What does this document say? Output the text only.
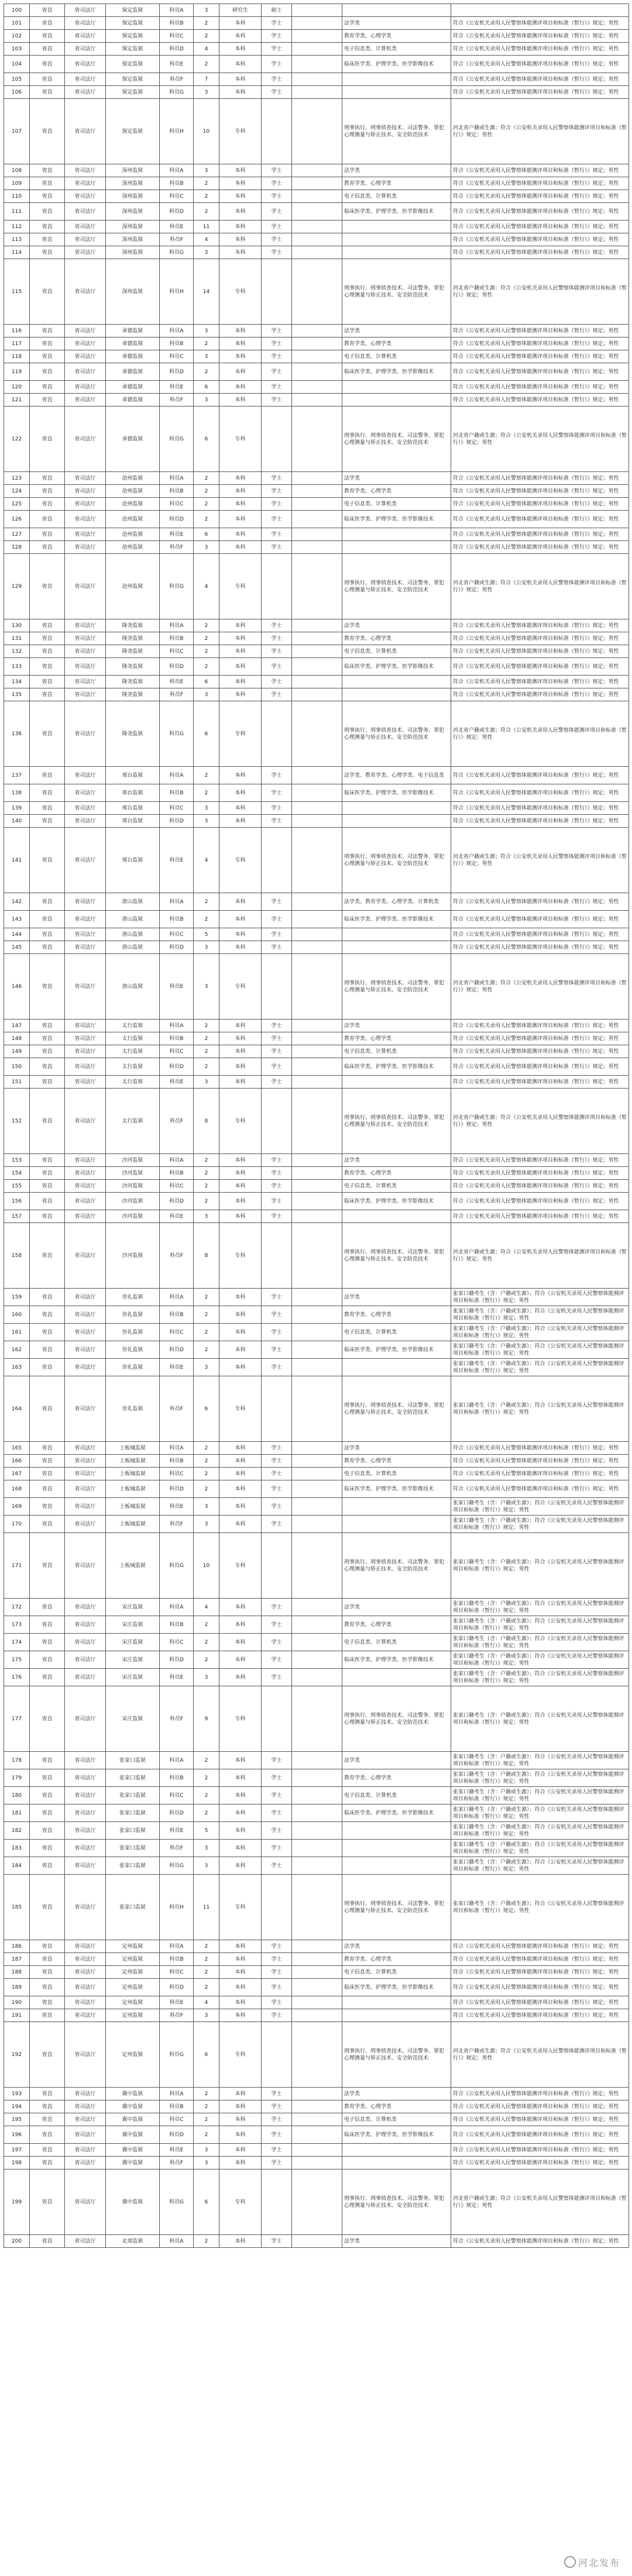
100	省直	省司法厅	保定监狱	科员A	3	研究生	硕士			
101	省直	省司法厅	保定监狱	科员B	2	本科	学士		法学类	符合《公安机关录用人民警察体能测评项目和标准（暂行）》规定；男性
102	省直	省司法厅	保定监狱	科员C	2	本科	学士		教育学类、心理学类	符合《公安机关录用人民警察体能测评项目和标准（暂行）》规定；男性
103	省直	省司法厅	保定监狱	科员D	4	本科	学士		电子信息类、计算机类	符合《公安机关录用人民警察体能测评项目和标准（暂行）》规定；男性
104	省直	省司法厅	保定监狱	科员E	2	本科	学士		临床医学类、护理学类、医学影像技术	符合《公安机关录用人民警察体能测评项目和标准（暂行）》规定；男性
105	省直	省司法厅	保定监狱	科员F	7	本科	学士			符合《公安机关录用人民警察体能测评项目和标准（暂行）》规定；男性
106	省直	省司法厅	保定监狱	科员G	3	本科	学士			符合《公安机关录用人民警察体能测评项目和标准（暂行）》规定；男性
107	省直	省司法厅	保定监狱	科员H	10	专科			刑事执行、刑事侦查技术、司法警务、罪犯心理测量与矫正技术、安全防范技术	河北省户籍或生源；符合《公安机关录用人民警察体能测评项目和标准（暂行）》规定；男性
108	省直	省司法厅	深州监狱	科员A	3	本科	学士		法学类	符合《公安机关录用人民警察体能测评项目和标准（暂行）》规定；男性
109	省直	省司法厅	深州监狱	科员B	2	本科	学士		教育学类、心理学类	符合《公安机关录用人民警察体能测评项目和标准（暂行）》规定；男性
110	省直	省司法厅	深州监狱	科员C	2	本科	学士		电子信息类、计算机类	符合《公安机关录用人民警察体能测评项目和标准（暂行）》规定；男性
111	省直	省司法厅	深州监狱	科员D	2	本科	学士		临床医学类、护理学类、医学影像技术	符合《公安机关录用人民警察体能测评项目和标准（暂行）》规定；男性
112	省直	省司法厅	深州监狱	科员E	11	本科	学士			符合《公安机关录用人民警察体能测评项目和标准（暂行）》规定；男性
113	省直	省司法厅	深州监狱	科员F	4	本科	学士			符合《公安机关录用人民警察体能测评项目和标准（暂行）》规定；男性
114	省直	省司法厅	深州监狱	科员G	3	本科	学士			符合《公安机关录用人民警察体能测评项目和标准（暂行）》规定；男性
115	省直	省司法厅	深州监狱	科员H	14	专科			刑事执行、刑事侦查技术、司法警务、罪犯心理测量与矫正技术、安全防范技术	河北省户籍或生源；符合《公安机关录用人民警察体能测评项目和标准（暂行）》规定；男性
116	省直	省司法厅	承德监狱	科员A	3	本科	学士		法学类	符合《公安机关录用人民警察体能测评项目和标准（暂行）》规定；男性
117	省直	省司法厅	承德监狱	科员B	2	本科	学士		教育学类、心理学类	符合《公安机关录用人民警察体能测评项目和标准（暂行）》规定；男性
118	省直	省司法厅	承德监狱	科员C	3	本科	学士		电子信息类、计算机类	符合《公安机关录用人民警察体能测评项目和标准（暂行）》规定；男性
119	省直	省司法厅	承德监狱	科员D	2	本科	学士		临床医学类、护理学类、医学影像技术	符合《公安机关录用人民警察体能测评项目和标准（暂行）》规定；男性
120	省直	省司法厅	承德监狱	科员E	6	本科	学士			符合《公安机关录用人民警察体能测评项目和标准（暂行）》规定；男性
121	省直	省司法厅	承德监狱	科员F	3	本科	学士			符合《公安机关录用人民警察体能测评项目和标准（暂行）》规定；男性
122	省直	省司法厅	承德监狱	科员G	6	专科			刑事执行、刑事侦查技术、司法警务、罪犯心理测量与矫正技术、安全防范技术	河北省户籍或生源；符合《公安机关录用人民警察体能测评项目和标准（暂行）》规定；男性
123	省直	省司法厅	沧州监狱	科员A	2	本科	学士		法学类	符合《公安机关录用人民警察体能测评项目和标准（暂行）》规定；男性
124	省直	省司法厅	沧州监狱	科员B	2	本科	学士		教育学类、心理学类	符合《公安机关录用人民警察体能测评项目和标准（暂行）》规定；男性
125	省直	省司法厅	沧州监狱	科员C	2	本科	学士		电子信息类、计算机类	符合《公安机关录用人民警察体能测评项目和标准（暂行）》规定；男性
126	省直	省司法厅	沧州监狱	科员D	2	本科	学士		临床医学类、护理学类、医学影像技术	符合《公安机关录用人民警察体能测评项目和标准（暂行）》规定；男性
127	省直	省司法厅	沧州监狱	科员E	6	本科	学士			符合《公安机关录用人民警察体能测评项目和标准（暂行）》规定；男性
128	省直	省司法厅	沧州监狱	科员F	3	本科	学士			符合《公安机关录用人民警察体能测评项目和标准（暂行）》规定；男性
129	省直	省司法厅	沧州监狱	科员G	4	专科			刑事执行、刑事侦查技术、司法警务、罪犯心理测量与矫正技术、安全防范技术	河北省户籍或生源；符合《公安机关录用人民警察体能测评项目和标准（暂行）》规定；男性
130	省直	省司法厅	隆尧监狱	科员A	2	本科	学士		法学类	符合《公安机关录用人民警察体能测评项目和标准（暂行）》规定；男性
131	省直	省司法厅	隆尧监狱	科员B	2	本科	学士		教育学类、心理学类	符合《公安机关录用人民警察体能测评项目和标准（暂行）》规定；男性
132	省直	省司法厅	隆尧监狱	科员C	2	本科	学士		电子信息类、计算机类	符合《公安机关录用人民警察体能测评项目和标准（暂行）》规定；男性
133	省直	省司法厅	隆尧监狱	科员D	2	本科	学士		临床医学类、护理学类、医学影像技术	符合《公安机关录用人民警察体能测评项目和标准（暂行）》规定；男性
134	省直	省司法厅	隆尧监狱	科员E	6	本科	学士			符合《公安机关录用人民警察体能测评项目和标准（暂行）》规定；男性
135	省直	省司法厅	隆尧监狱	科员F	3	本科	学士			符合《公安机关录用人民警察体能测评项目和标准（暂行）》规定；男性
136	省直	省司法厅	隆尧监狱	科员G	6	专科			刑事执行、刑事侦查技术、司法警务、罪犯心理测量与矫正技术、安全防范技术	河北省户籍或生源；符合《公安机关录用人民警察体能测评项目和标准（暂行）》规定；男性
137	省直	省司法厅	邢台监狱	科员A	2	本科	学士		法学类、教育学类、心理学类、电子信息类	符合《公安机关录用人民警察体能测评项目和标准（暂行）》规定；男性
138	省直	省司法厅	邢台监狱	科员B	2	本科	学士		临床医学类、护理学类、医学影像技术	符合《公安机关录用人民警察体能测评项目和标准（暂行）》规定；男性
139	省直	省司法厅	邢台监狱	科员C	3	本科	学士			符合《公安机关录用人民警察体能测评项目和标准（暂行）》规定；男性
140	省直	省司法厅	邢台监狱	科员D	3	本科	学士			符合《公安机关录用人民警察体能测评项目和标准（暂行）》规定；男性
141	省直	省司法厅	邢台监狱	科员E	4	专科			刑事执行、刑事侦查技术、司法警务、罪犯心理测量与矫正技术、安全防范技术	河北省户籍或生源；符合《公安机关录用人民警察体能测评项目和标准（暂行）》规定；男性
142	省直	省司法厅	唐山监狱	科员A	2	本科	学士		法学类、教育学类、心理学类、计算机类	符合《公安机关录用人民警察体能测评项目和标准（暂行）》规定；男性
143	省直	省司法厅	唐山监狱	科员B	2	本科	学士		临床医学类、护理学类、医学影像技术	符合《公安机关录用人民警察体能测评项目和标准（暂行）》规定；男性
144	省直	省司法厅	唐山监狱	科员C	5	本科	学士			符合《公安机关录用人民警察体能测评项目和标准（暂行）》规定；男性
145	省直	省司法厅	唐山监狱	科员D	3	本科	学士			符合《公安机关录用人民警察体能测评项目和标准（暂行）》规定；男性
146	省直	省司法厅	唐山监狱	科员E	3	专科			刑事执行、刑事侦查技术、司法警务、罪犯心理测量与矫正技术、安全防范技术	河北省户籍或生源；符合《公安机关录用人民警察体能测评项目和标准（暂行）》规定；男性
147	省直	省司法厅	太行监狱	科员A	2	本科	学士		法学类	符合《公安机关录用人民警察体能测评项目和标准（暂行）》规定；男性
148	省直	省司法厅	太行监狱	科员B	2	本科	学士		教育学类、心理学类	符合《公安机关录用人民警察体能测评项目和标准（暂行）》规定；男性
149	省直	省司法厅	太行监狱	科员C	2	本科	学士		电子信息类、计算机类	符合《公安机关录用人民警察体能测评项目和标准（暂行）》规定；男性
150	省直	省司法厅	太行监狱	科员D	2	本科	学士		临床医学类、护理学类、医学影像技术	符合《公安机关录用人民警察体能测评项目和标准（暂行）》规定；男性
151	省直	省司法厅	太行监狱	科员E	3	本科	学士			符合《公安机关录用人民警察体能测评项目和标准（暂行）》规定；男性
152	省直	省司法厅	太行监狱	科员F	8	专科			刑事执行、刑事侦查技术、司法警务、罪犯心理测量与矫正技术、安全防范技术	河北省户籍或生源；符合《公安机关录用人民警察体能测评项目和标准（暂行）》规定；男性
153	省直	省司法厅	沙河监狱	科员A	2	本科	学士		法学类	符合《公安机关录用人民警察体能测评项目和标准（暂行）》规定；男性
154	省直	省司法厅	沙河监狱	科员B	2	本科	学士		教育学类、心理学类	符合《公安机关录用人民警察体能测评项目和标准（暂行）》规定；男性
155	省直	省司法厅	沙河监狱	科员C	2	本科	学士		电子信息类、计算机类	符合《公安机关录用人民警察体能测评项目和标准（暂行）》规定；男性
156	省直	省司法厅	沙河监狱	科员D	2	本科	学士		临床医学类、护理学类、医学影像技术	符合《公安机关录用人民警察体能测评项目和标准（暂行）》规定；男性
157	省直	省司法厅	沙河监狱	科员E	3	本科	学士			符合《公安机关录用人民警察体能测评项目和标准（暂行）》规定；男性
158	省直	省司法厅	沙河监狱	科员F	8	专科			刑事执行、刑事侦查技术、司法警务、罪犯心理测量与矫正技术、安全防范技术	河北省户籍或生源；符合《公安机关录用人民警察体能测评项目和标准（暂行）》规定；男性
159	省直	省司法厅	崇礼监狱	科员A	2	本科	学士		法学类	张家口籍考生（含：户籍或生源）；符合《公安机关录用人民警察体能测评项目和标准（暂行）》规定；男性
160	省直	省司法厅	崇礼监狱	科员B	2	本科	学士		教育学类、心理学类	张家口籍考生（含：户籍或生源）；符合《公安机关录用人民警察体能测评项目和标准（暂行）》规定；男性
161	省直	省司法厅	崇礼监狱	科员C	2	本科	学士		电子信息类、计算机类	张家口籍考生（含：户籍或生源）；符合《公安机关录用人民警察体能测评项目和标准（暂行）》规定；男性
162	省直	省司法厅	崇礼监狱	科员D	2	本科	学士		临床医学类、护理学类、医学影像技术	张家口籍考生（含：户籍或生源）；符合《公安机关录用人民警察体能测评项目和标准（暂行）》规定；男性
163	省直	省司法厅	崇礼监狱	科员E	3	本科	学士			张家口籍考生（含：户籍或生源）；符合《公安机关录用人民警察体能测评项目和标准（暂行）》规定；男性
164	省直	省司法厅	崇礼监狱	科员F	6	专科			刑事执行、刑事侦查技术、司法警务、罪犯心理测量与矫正技术、安全防范技术	张家口籍考生（含：户籍或生源）；符合《公安机关录用人民警察体能测评项目和标准（暂行）》规定；男性
165	省直	省司法厅	上板城监狱	科员A	2	本科	学士		法学类	符合《公安机关录用人民警察体能测评项目和标准（暂行）》规定；男性
166	省直	省司法厅	上板城监狱	科员B	2	本科	学士		教育学类、心理学类	符合《公安机关录用人民警察体能测评项目和标准（暂行）》规定；男性
167	省直	省司法厅	上板城监狱	科员C	2	本科	学士		电子信息类、计算机类	符合《公安机关录用人民警察体能测评项目和标准（暂行）》规定；男性
168	省直	省司法厅	上板城监狱	科员D	2	本科	学士		临床医学类、护理学类、医学影像技术	符合《公安机关录用人民警察体能测评项目和标准（暂行）》规定；男性
169	省直	省司法厅	上板城监狱	科员E	3	本科	学士			张家口籍考生（含：户籍或生源）；符合《公安机关录用人民警察体能测评项目和标准（暂行）》规定；男性
170	省直	省司法厅	上板城监狱	科员F	3	本科	学士			张家口籍考生（含：户籍或生源）；符合《公安机关录用人民警察体能测评项目和标准（暂行）》规定；男性
171	省直	省司法厅	上板城监狱	科员G	10	专科			刑事执行、刑事侦查技术、司法警务、罪犯心理测量与矫正技术、安全防范技术	张家口籍考生（含：户籍或生源）；符合《公安机关录用人民警察体能测评项目和标准（暂行）》规定；男性
172	省直	省司法厅	宋庄监狱	科员A	4	本科	学士		法学类	张家口籍考生（含：户籍或生源）；符合《公安机关录用人民警察体能测评项目和标准（暂行）》规定；男性
173	省直	省司法厅	宋庄监狱	科员B	2	本科	学士		教育学类、心理学类	张家口籍考生（含：户籍或生源）；符合《公安机关录用人民警察体能测评项目和标准（暂行）》规定；男性
174	省直	省司法厅	宋庄监狱	科员C	2	本科	学士		电子信息类、计算机类	张家口籍考生（含：户籍或生源）；符合《公安机关录用人民警察体能测评项目和标准（暂行）》规定；男性
175	省直	省司法厅	宋庄监狱	科员D	2	本科	学士		临床医学类、护理学类、医学影像技术	张家口籍考生（含：户籍或生源）；符合《公安机关录用人民警察体能测评项目和标准（暂行）》规定；男性
176	省直	省司法厅	宋庄监狱	科员E	3	本科	学士			张家口籍考生（含：户籍或生源）；符合《公安机关录用人民警察体能测评项目和标准（暂行）》规定；男性
177	省直	省司法厅	宋庄监狱	科员F	9	专科			刑事执行、刑事侦查技术、司法警务、罪犯心理测量与矫正技术、安全防范技术	张家口籍考生（含：户籍或生源）；符合《公安机关录用人民警察体能测评项目和标准（暂行）》规定；男性
178	省直	省司法厅	张家口监狱	科员A	2	本科	学士		法学类	张家口籍考生（含：户籍或生源）；符合《公安机关录用人民警察体能测评项目和标准（暂行）》规定；男性
179	省直	省司法厅	张家口监狱	科员B	2	本科	学士		教育学类、心理学类	张家口籍考生（含：户籍或生源）；符合《公安机关录用人民警察体能测评项目和标准（暂行）》规定；男性
180	省直	省司法厅	张家口监狱	科员C	2	本科	学士		电子信息类、计算机类	张家口籍考生（含：户籍或生源）；符合《公安机关录用人民警察体能测评项目和标准（暂行）》规定；男性
181	省直	省司法厅	张家口监狱	科员D	2	本科	学士		临床医学类、护理学类、医学影像技术	张家口籍考生（含：户籍或生源）；符合《公安机关录用人民警察体能测评项目和标准（暂行）》规定；男性
182	省直	省司法厅	张家口监狱	科员E	5	本科	学士			张家口籍考生（含：户籍或生源）；符合《公安机关录用人民警察体能测评项目和标准（暂行）》规定；男性
183	省直	省司法厅	张家口监狱	科员F	3	本科	学士			张家口籍考生（含：户籍或生源）；符合《公安机关录用人民警察体能测评项目和标准（暂行）》规定；男性
184	省直	省司法厅	张家口监狱	科员G	3	本科	学士			张家口籍考生（含：户籍或生源）；符合《公安机关录用人民警察体能测评项目和标准（暂行）》规定；男性
185	省直	省司法厅	张家口监狱	科员H	11	专科			刑事执行、刑事侦查技术、司法警务、罪犯心理测量与矫正技术、安全防范技术	张家口籍考生（含：户籍或生源）；符合《公安机关录用人民警察体能测评项目和标准（暂行）》规定；男性
186	省直	省司法厅	定州监狱	科员A	2	本科	学士		法学类	符合《公安机关录用人民警察体能测评项目和标准（暂行）》规定；男性
187	省直	省司法厅	定州监狱	科员B	2	本科	学士		教育学类、心理学类	符合《公安机关录用人民警察体能测评项目和标准（暂行）》规定；男性
188	省直	省司法厅	定州监狱	科员C	2	本科	学士		电子信息类、计算机类	符合《公安机关录用人民警察体能测评项目和标准（暂行）》规定；男性
189	省直	省司法厅	定州监狱	科员D	2	本科	学士		临床医学类、护理学类、医学影像技术	符合《公安机关录用人民警察体能测评项目和标准（暂行）》规定；男性
190	省直	省司法厅	定州监狱	科员E	4	本科	学士			符合《公安机关录用人民警察体能测评项目和标准（暂行）》规定；男性
191	省直	省司法厅	定州监狱	科员F	3	本科	学士			符合《公安机关录用人民警察体能测评项目和标准（暂行）》规定；男性
192	省直	省司法厅	定州监狱	科员G	6	专科			刑事执行、刑事侦查技术、司法警务、罪犯心理测量与矫正技术、安全防范技术	河北省户籍或生源；符合《公安机关录用人民警察体能测评项目和标准（暂行）》规定；男性
193	省直	省司法厅	冀中监狱	科员A	2	本科	学士		法学类	符合《公安机关录用人民警察体能测评项目和标准（暂行）》规定；男性
194	省直	省司法厅	冀中监狱	科员B	2	本科	学士		教育学类、心理学类	符合《公安机关录用人民警察体能测评项目和标准（暂行）》规定；男性
195	省直	省司法厅	冀中监狱	科员C	2	本科	学士		电子信息类、计算机类	符合《公安机关录用人民警察体能测评项目和标准（暂行）》规定；男性
196	省直	省司法厅	冀中监狱	科员D	2	本科	学士		临床医学类、护理学类、医学影像技术	符合《公安机关录用人民警察体能测评项目和标准（暂行）》规定；男性
197	省直	省司法厅	冀中监狱	科员E	3	本科	学士			符合《公安机关录用人民警察体能测评项目和标准（暂行）》规定；男性
198	省直	省司法厅	冀中监狱	科员F	3	本科	学士			符合《公安机关录用人民警察体能测评项目和标准（暂行）》规定；男性
199	省直	省司法厅	冀中监狱	科员G	6	专科			刑事执行、刑事侦查技术、司法警务、罪犯心理测量与矫正技术、安全防范技术	河北省户籍或生源；符合《公安机关录用人民警察体能测评项目和标准（暂行）》规定；男性
200	省直	省司法厅	北郊监狱	科员A	2	本科	学士		法学类	符合《公安机关录用人民警察体能测评项目和标准（暂行）》规定；男性
河北发布
